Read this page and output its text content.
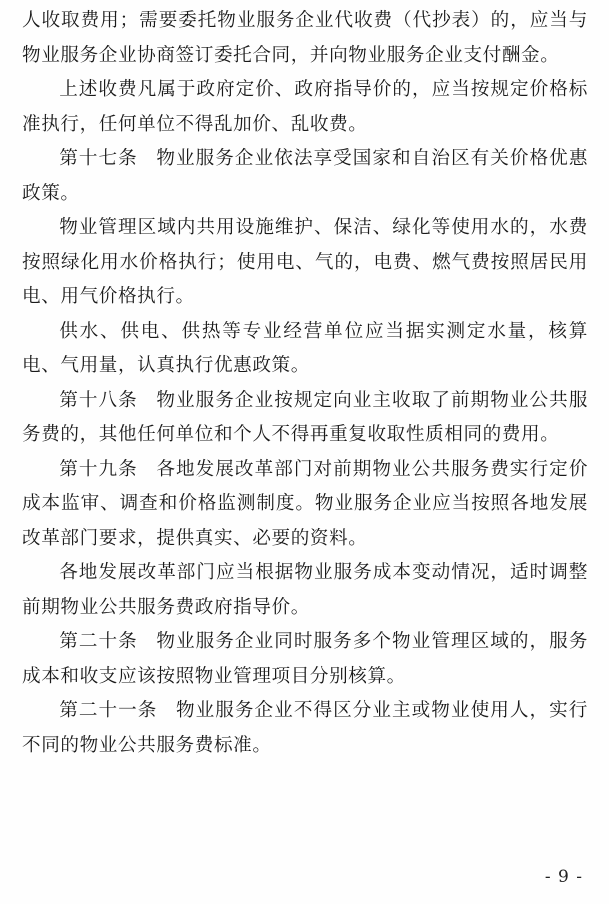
人收取费用；需要委托物业服务企业代收费（代抄表）的，应当与物业服务企业协商签订委托合同，并向物业服务企业支付酬金。

上述收费凡属于政府定价、政府指导价的，应当按规定价格标准执行，任何单位不得乱加价、乱收费。

第十七条 物业服务企业依法享受国家和自治区有关价格优惠政策。

物业管理区域内共用设施维护、保洁、绿化等使用水的，水费按照绿化用水价格执行；使用电、气的，电费、燃气费按照居民用电、用气价格执行。

供水、供电、供热等专业经营单位应当据实测定水量，核算电、气用量，认真执行优惠政策。

第十八条 物业服务企业按规定向业主收取了前期物业公共服务费的，其他任何单位和个人不得再重复收取性质相同的费用。

第十九条 各地发展改革部门对前期物业公共服务费实行定价成本监审、调查和价格监测制度。物业服务企业应当按照各地发展改革部门要求，提供真实、必要的资料。

各地发展改革部门应当根据物业服务成本变动情况，适时调整前期物业公共服务费政府指导价。

第二十条 物业服务企业同时服务多个物业管理区域的，服务成本和收支应该按照物业管理项目分别核算。

第二十一条 物业服务企业不得区分业主或物业使用人，实行不同的物业公共服务费标准。

- 9 -
